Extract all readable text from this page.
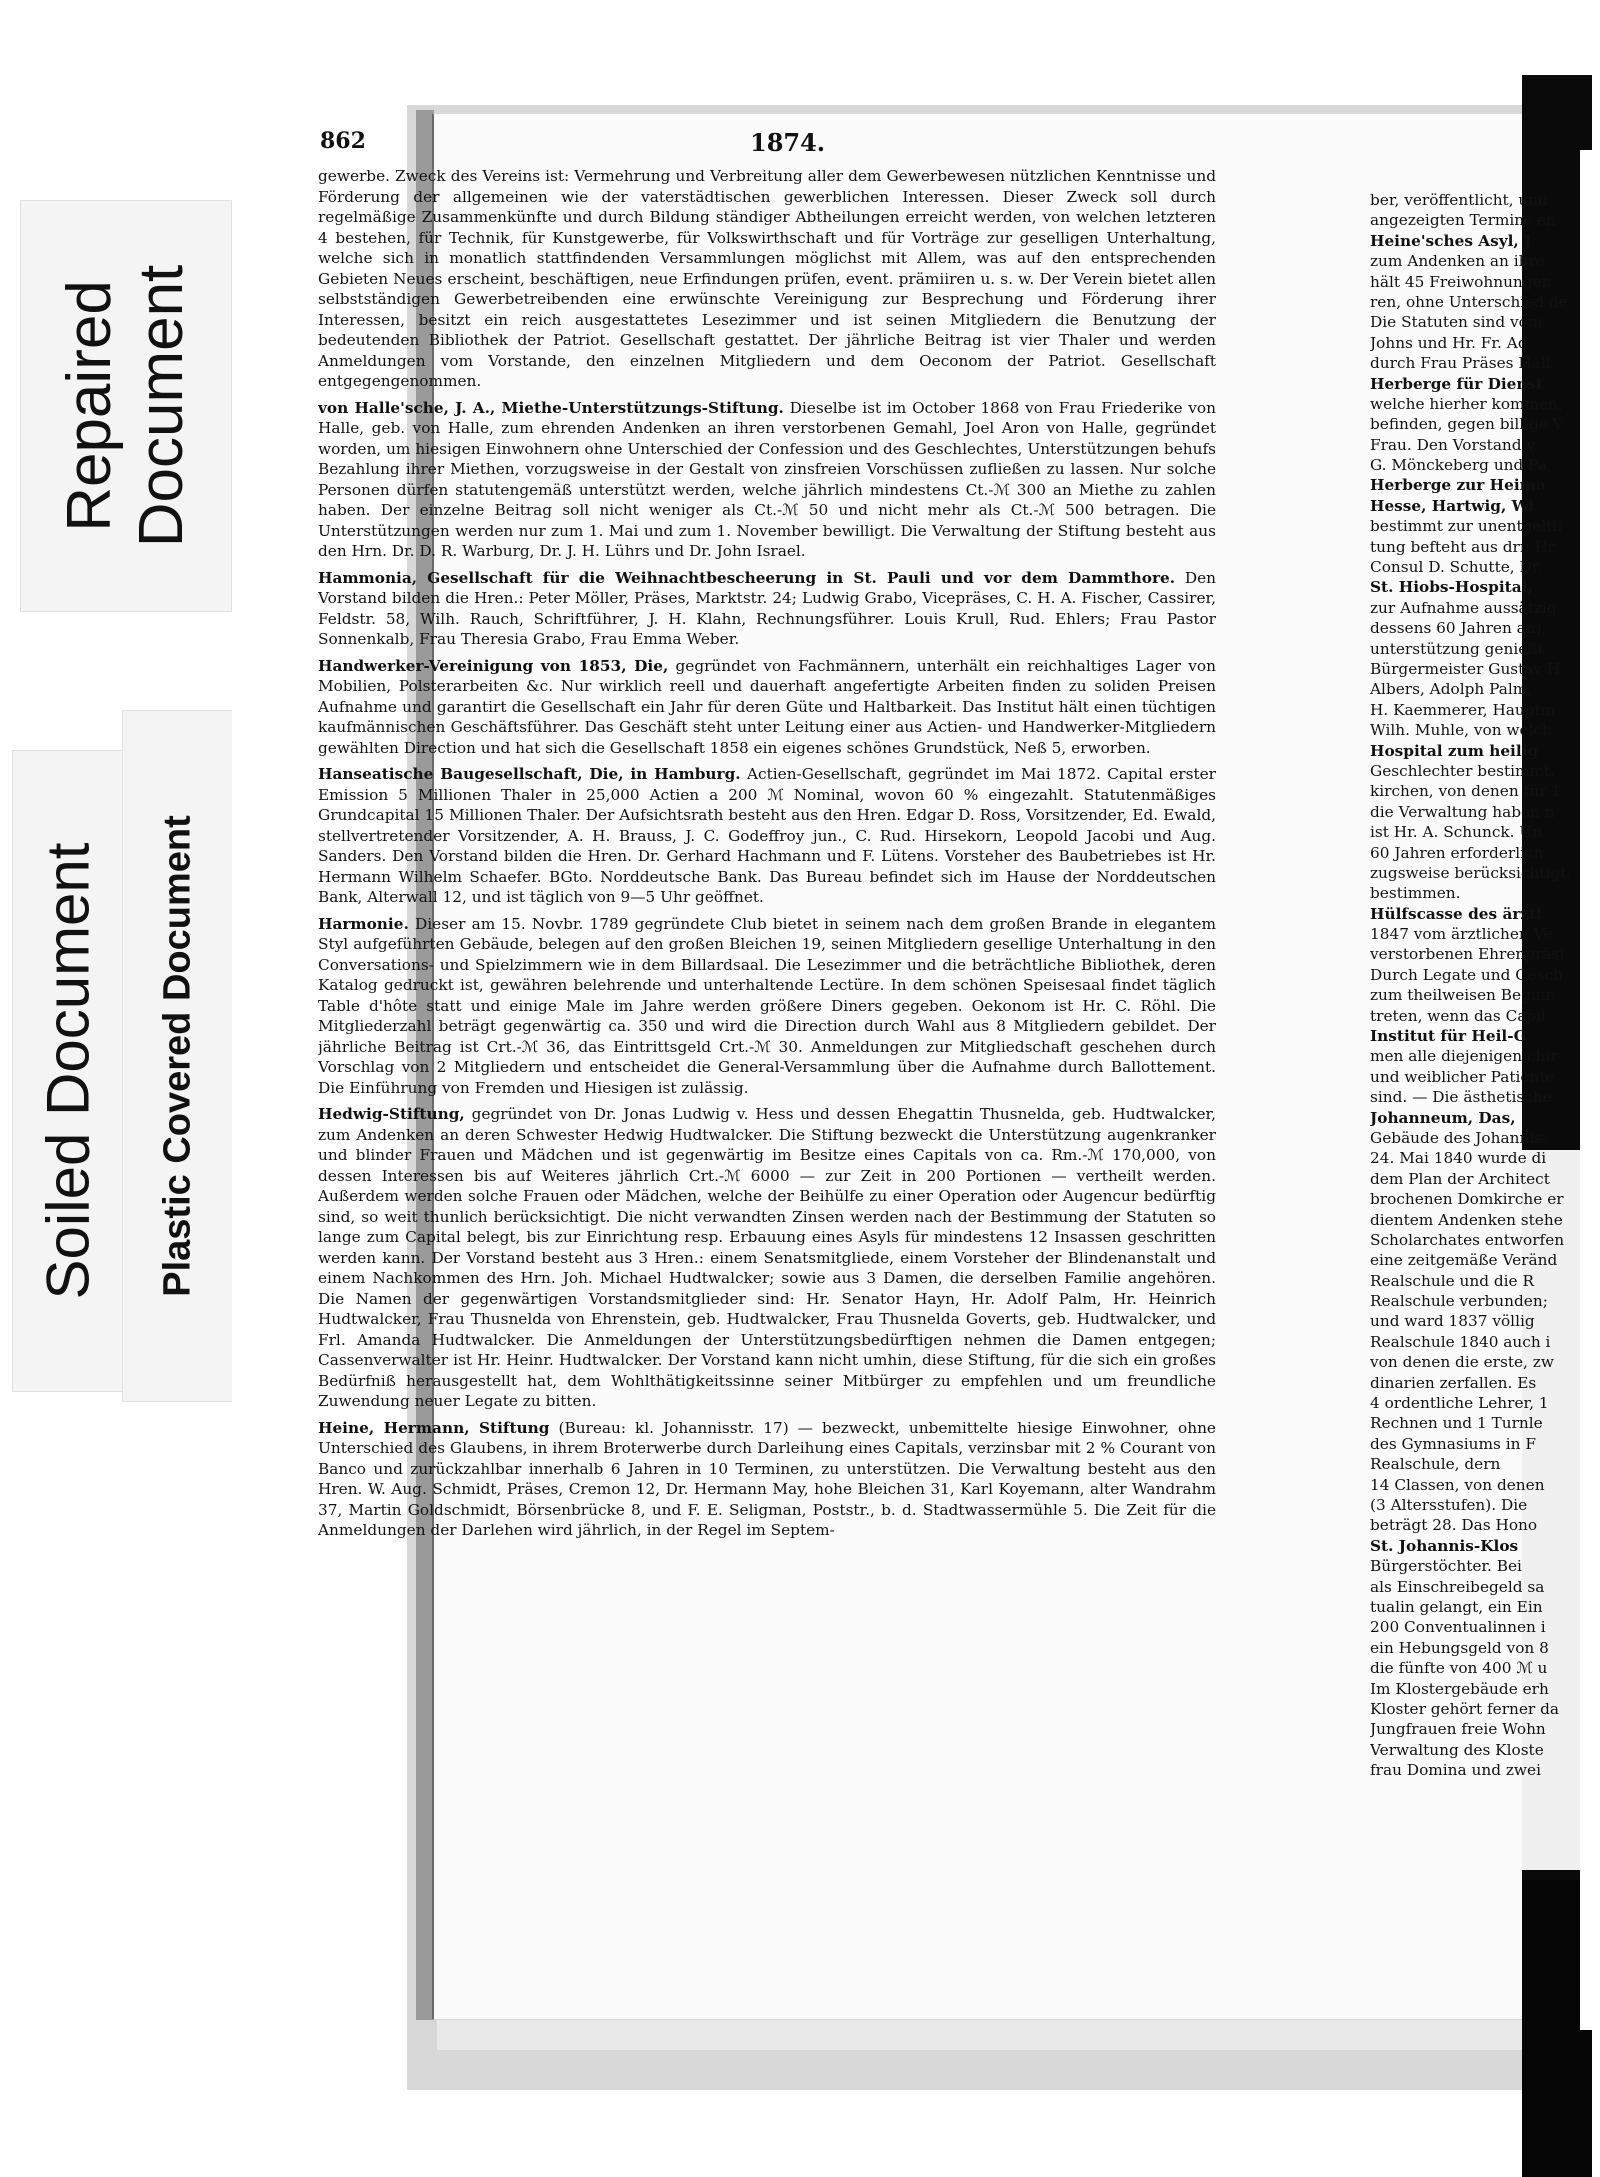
Repaired
Document
Soiled Document Plastic Covered Document
862	1874.

gewerbe. Zweck des Vereins ist: Vermehrung und Verbreitung aller dem Gewerbewesen nützlichen Kenntnisse und Förderung der allgemeinen wie der vaterstädtischen gewerblichen Interessen. Dieser Zweck soll durch regelmäßige Zusammenkünfte und durch Bildung ständiger Abtheilungen erreicht werden, von welchen letzteren 4 bestehen, für Technik, für Kunstgewerbe, für Volkswirthschaft und für Vorträge zur geselligen Unterhaltung, welche sich in monatlich stattfindenden Versammlungen möglichst mit Allem, was auf den entsprechenden Gebieten Neues erscheint, beschäftigen, neue Erfindungen prüfen, event. prämiiren u. s. w. Der Verein bietet allen selbstständigen Gewerbetreibenden eine erwünschte Vereinigung zur Besprechung und Förderung ihrer Interessen, besitzt ein reich ausgestattetes Lesezimmer und ist seinen Mitgliedern die Benutzung der bedeutenden Bibliothek der Patriot. Gesellschaft gestattet. Der jährliche Beitrag ist vier Thaler und werden Anmeldungen vom Vorstande, den einzelnen Mitgliedern und dem Oeconom der Patriot. Gesellschaft entgegengenommen.

von Halle'sche, J. A., Miethe-Unterstützungs-Stiftung. Dieselbe ist im October 1868 von Frau Friederike von Halle, geb. von Halle, zum ehrenden Andenken an ihren verstorbenen Gemahl, Joel Aron von Halle, gegründet worden, um hiesigen Einwohnern ohne Unterschied der Confession und des Geschlechtes, Unterstützungen behufs Bezahlung ihrer Miethen, vorzugsweise in der Gestalt von zinsfreien Vorschüssen zufließen zu lassen. Nur solche Personen dürfen statutengemäß unterstützt werden, welche jährlich mindestens Ct.-ℳ 300 an Miethe zu zahlen haben. Der einzelne Beitrag soll nicht weniger als Ct.-ℳ 50 und nicht mehr als Ct.-ℳ 500 betragen. Die Unterstützungen werden nur zum 1. Mai und zum 1. November bewilligt. Die Verwaltung der Stiftung besteht aus den Hrn. Dr. D. R. Warburg, Dr. J. H. Lührs und Dr. John Israel.

Hammonia, Gesellschaft für die Weihnachtbescheerung in St. Pauli und vor dem Dammthore. Den Vorstand bilden die Hren.: Peter Möller, Präses, Marktstr. 24; Ludwig Grabo, Vicepräses, C. H. A. Fischer, Cassirer, Feldstr. 58, Wilh. Rauch, Schriftführer, J. H. Klahn, Rechnungsführer. Louis Krull, Rud. Ehlers; Frau Pastor Sonnenkalb, Frau Theresia Grabo, Frau Emma Weber.

Handwerker-Vereinigung von 1853, Die, gegründet von Fachmännern, unterhält ein reichhaltiges Lager von Mobilien, Polsterarbeiten &c. Nur wirklich reell und dauerhaft angefertigte Arbeiten finden zu soliden Preisen Aufnahme und garantirt die Gesellschaft ein Jahr für deren Güte und Haltbarkeit. Das Institut hält einen tüchtigen kaufmännischen Geschäftsführer. Das Geschäft steht unter Leitung einer aus Actien- und Handwerker-Mitgliedern gewählten Direction und hat sich die Gesellschaft 1858 ein eigenes schönes Grundstück, Neß 5, erworben.

Hanseatische Baugesellschaft, Die, in Hamburg. Actien-Gesellschaft, gegründet im Mai 1872. Capital erster Emission 5 Millionen Thaler in 25,000 Actien a 200 ℳ Nominal, wovon 60 % eingezahlt. Statutenmäßiges Grundcapital 15 Millionen Thaler. Der Aufsichtsrath besteht aus den Hren. Edgar D. Ross, Vorsitzender, Ed. Ewald, stellvertretender Vorsitzender, A. H. Brauss, J. C. Godeffroy jun., C. Rud. Hirsekorn, Leopold Jacobi und Aug. Sanders. Den Vorstand bilden die Hren. Dr. Gerhard Hachmann und F. Lütens. Vorsteher des Baubetriebes ist Hr. Hermann Wilhelm Schaefer. BGto. Norddeutsche Bank. Das Bureau befindet sich im Hause der Norddeutschen Bank, Alterwall 12, und ist täglich von 9—5 Uhr geöffnet.

Harmonie. Dieser am 15. Novbr. 1789 gegründete Club bietet in seinem nach dem großen Brande in elegantem Styl aufgeführten Gebäude, belegen auf den großen Bleichen 19, seinen Mitgliedern gesellige Unterhaltung in den Conversations- und Spielzimmern wie in dem Billardsaal. Die Lesezimmer und die beträchtliche Bibliothek, deren Katalog gedruckt ist, gewähren belehrende und unterhaltende Lectüre. In dem schönen Speisesaal findet täglich Table d'hôte statt und einige Male im Jahre werden größere Diners gegeben. Oekonom ist Hr. C. Röhl. Die Mitgliederzahl beträgt gegenwärtig ca. 350 und wird die Direction durch Wahl aus 8 Mitgliedern gebildet. Der jährliche Beitrag ist Crt.-ℳ 36, das Eintrittsgeld Crt.-ℳ 30. Anmeldungen zur Mitgliedschaft geschehen durch Vorschlag von 2 Mitgliedern und entscheidet die General-Versammlung über die Aufnahme durch Ballottement. Die Einführung von Fremden und Hiesigen ist zulässig.

Hedwig-Stiftung, gegründet von Dr. Jonas Ludwig v. Hess und dessen Ehegattin Thusnelda, geb. Hudtwalcker, zum Andenken an deren Schwester Hedwig Hudtwalcker. Die Stiftung bezweckt die Unterstützung augenkranker und blinder Frauen und Mädchen und ist gegenwärtig im Besitze eines Capitals von ca. Rm.-ℳ 170,000, von dessen Interessen bis auf Weiteres jährlich Crt.-ℳ 6000 — zur Zeit in 200 Portionen — vertheilt werden. Außerdem werden solche Frauen oder Mädchen, welche der Beihülfe zu einer Operation oder Augencur bedürftig sind, so weit thunlich berücksichtigt. Die nicht verwandten Zinsen werden nach der Bestimmung der Statuten so lange zum Capital belegt, bis zur Einrichtung resp. Erbauung eines Asyls für mindestens 12 Insassen geschritten werden kann. Der Vorstand besteht aus 3 Hren.: einem Senatsmitgliede, einem Vorsteher der Blindenanstalt und einem Nachkommen des Hrn. Joh. Michael Hudtwalcker; sowie aus 3 Damen, die derselben Familie angehören. Die Namen der gegenwärtigen Vorstandsmitglieder sind: Hr. Senator Hayn, Hr. Adolf Palm, Hr. Heinrich Hudtwalcker, Frau Thusnelda von Ehrenstein, geb. Hudtwalcker, Frau Thusnelda Goverts, geb. Hudtwalcker, und Frl. Amanda Hudtwalcker. Die Anmeldungen der Unterstützungsbedürftigen nehmen die Damen entgegen; Cassenverwalter ist Hr. Heinr. Hudtwalcker. Der Vorstand kann nicht umhin, diese Stiftung, für die sich ein großes Bedürfniß herausgestellt hat, dem Wohlthätigkeitssinne seiner Mitbürger zu empfehlen und um freundliche Zuwendung neuer Legate zu bitten.

Heine, Hermann, Stiftung (Bureau: kl. Johannisstr. 17) — bezweckt, unbemittelte hiesige Einwohner, ohne Unterschied des Glaubens, in ihrem Broterwerbe durch Darleihung eines Capitals, verzinsbar mit 2 % Courant von Banco und zurückzahlbar innerhalb 6 Jahren in 10 Terminen, zu unterstützen. Die Verwaltung besteht aus den Hren. W. Aug. Schmidt, Präses, Cremon 12, Dr. Hermann May, hohe Bleichen 31, Karl Koyemann, alter Wandrahm 37, Martin Goldschmidt, Börsenbrücke 8, und F. E. Seligman, Poststr., b. d. Stadtwassermühle 5. Die Zeit für die Anmeldungen der Darlehen wird jährlich, in der Regel im Septem-

ber, veröffentlicht, und
angezeigten Termins en
Heine'sches Asyl, J
zum Andenken an ihre
hält 45 Freiwohnungen
ren, ohne Unterschied de
Die Statuten sind vom
Johns und Hr. Fr. Ad.
durch Frau Präses Hall
Herberge für Dienst
welche hierher kommen,
befinden, gegen billige V
Frau. Den Vorstand v
G. Mönckeberg und Pa
Herberge zur Heima
Hesse, Hartwig, Wi
bestimmt zur unentgeltli
tung befteht aus drn Hr
Consul D. Schutte, Dr.
St. Hiobs-Hospital,
zur Aufnahme aussätzig
dessens 60 Jahren an),
unterstützung genießt.
Bürgermeister Gustav H
Albers, Adolph Palm,
H. Kaemmerer, Hauptm
Wilh. Muhle, von welch
Hospital zum heilig
Geschlechter bestimmt.
kirchen, von denen für 1
die Verwaltung haben n
ist Hr. A. Schunck. Un
60 Jahren erforderlich
zugsweise berücksichtigt.
bestimmen.
Hülfscasse des ärztl
1847 vom ärztlichen Ve
verstorbenen Ehrenpräsi
Durch Legate und Gesch
zum theilweisen Beginn
treten, wenn das Capit
Institut für Heil-G
men alle diejenigen chir
und weiblicher Patiente
sind. — Die ästhetische
Johanneum, Das,
Gebäude des Johannis-
24. Mai 1840 wurde di
dem Plan der Architect
brochenen Domkirche er
dientem Andenken stehe
Scholarchates entworfen
eine zeitgemäße Veränd
Realschule und die R
Realschule verbunden;
und ward 1837 völlig
Realschule 1840 auch i
von denen die erste, zw
dinarien zerfallen. Es
4 ordentliche Lehrer, 1
Rechnen und 1 Turnle
des Gymnasiums in F
Realschule, dern
14 Classen, von denen
(3 Altersstufen). Die
beträgt 28. Das Hono
St. Johannis-Klos
Bürgerstöchter. Bei
als Einschreibegeld sa
tualin gelangt, ein Ein
200 Conventualinnen i
ein Hebungsgeld von 8
die fünfte von 400 ℳ u
Im Klostergebäude erh
Kloster gehört ferner da
Jungfrauen freie Wohn
Verwaltung des Kloste
frau Domina und zwei
